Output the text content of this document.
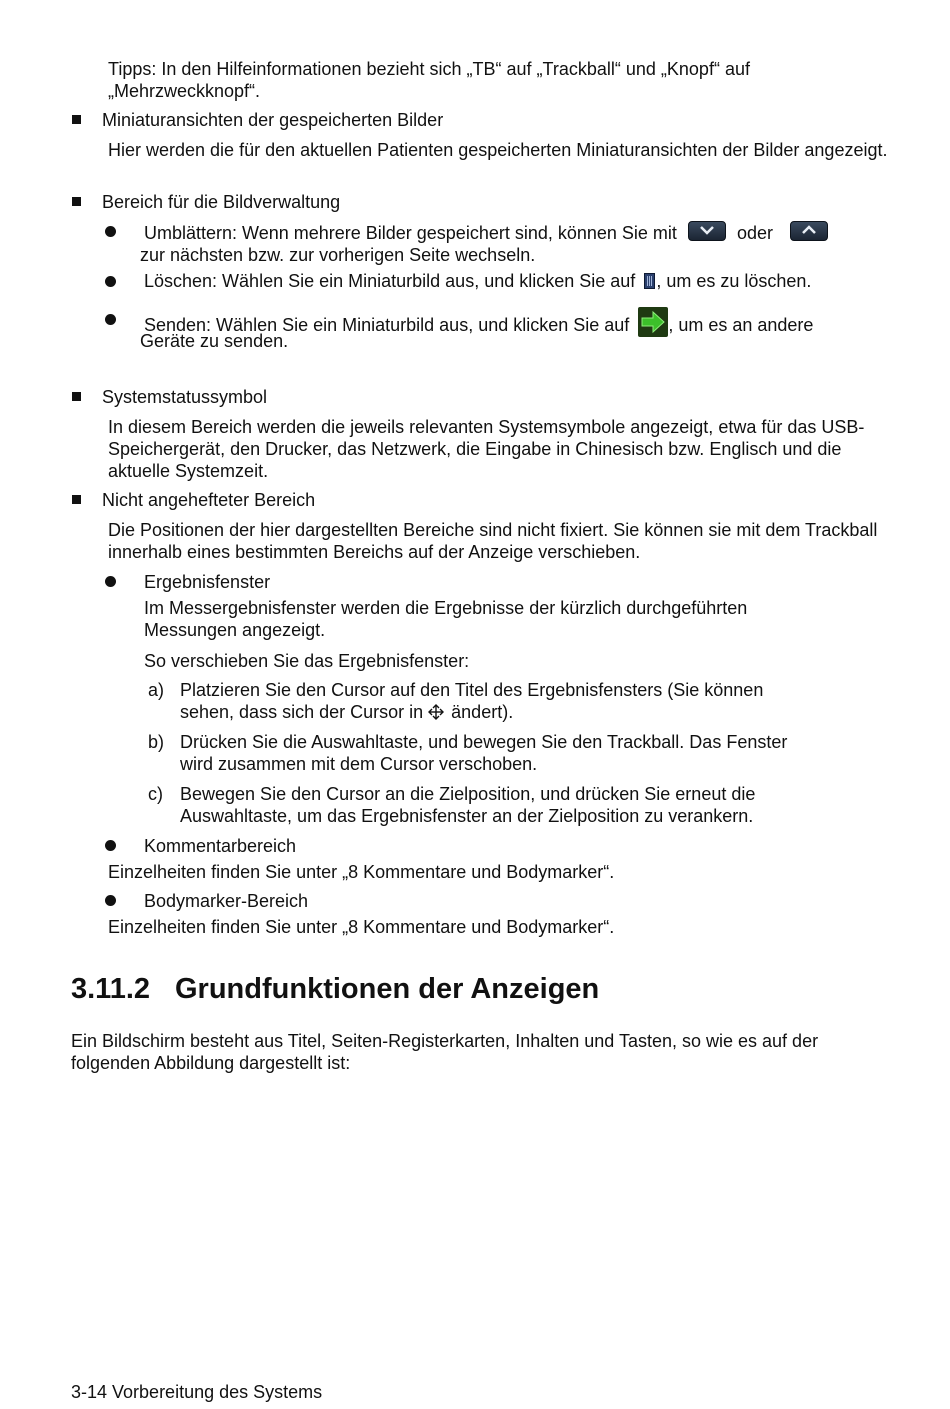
Tipps: In den Hilfeinformationen bezieht sich „TB“ auf „Trackball“ und „Knopf“ auf „Mehrzweckknopf“.
Miniaturansichten der gespeicherten Bilder
Hier werden die für den aktuellen Patienten gespeicherten Miniaturansichten der Bilder angezeigt.
Bereich für die Bildverwaltung
Umblättern: Wenn mehrere Bilder gespeichert sind, können Sie mit	oder
zur nächsten bzw. zur vorherigen Seite wechseln.
Löschen: Wählen Sie ein Miniaturbild aus, und klicken Sie auf , um es zu löschen.
Senden: Wählen Sie ein Miniaturbild aus, und klicken Sie auf , um es an andere
Geräte zu senden.
Systemstatussymbol
In diesem Bereich werden die jeweils relevanten Systemsymbole angezeigt, etwa für das USB-Speichergerät, den Drucker, das Netzwerk, die Eingabe in Chinesisch bzw. Englisch und die aktuelle Systemzeit.
Nicht angehefteter Bereich
Die Positionen der hier dargestellten Bereiche sind nicht fixiert. Sie können sie mit dem Trackball innerhalb eines bestimmten Bereichs auf der Anzeige verschieben.
Ergebnisfenster
Im Messergebnisfenster werden die Ergebnisse der kürzlich durchgeführten Messungen angezeigt.
So verschieben Sie das Ergebnisfenster:
a) Platzieren Sie den Cursor auf den Titel des Ergebnisfensters (Sie können
sehen, dass sich der Cursor in ändert).
b) Drücken Sie die Auswahltaste, und bewegen Sie den Trackball. Das Fenster
wird zusammen mit dem Cursor verschoben.
c) Bewegen Sie den Cursor an die Zielposition, und drücken Sie erneut die
Auswahltaste, um das Ergebnisfenster an der Zielposition zu verankern.
Kommentarbereich
Einzelheiten finden Sie unter „8 Kommentare und Bodymarker“.
Bodymarker-Bereich
Einzelheiten finden Sie unter „8 Kommentare und Bodymarker“.
3.11.2 Grundfunktionen der Anzeigen
Ein Bildschirm besteht aus Titel, Seiten-Registerkarten, Inhalten und Tasten, so wie es auf der folgenden Abbildung dargestellt ist:
3-14 Vorbereitung des Systems
